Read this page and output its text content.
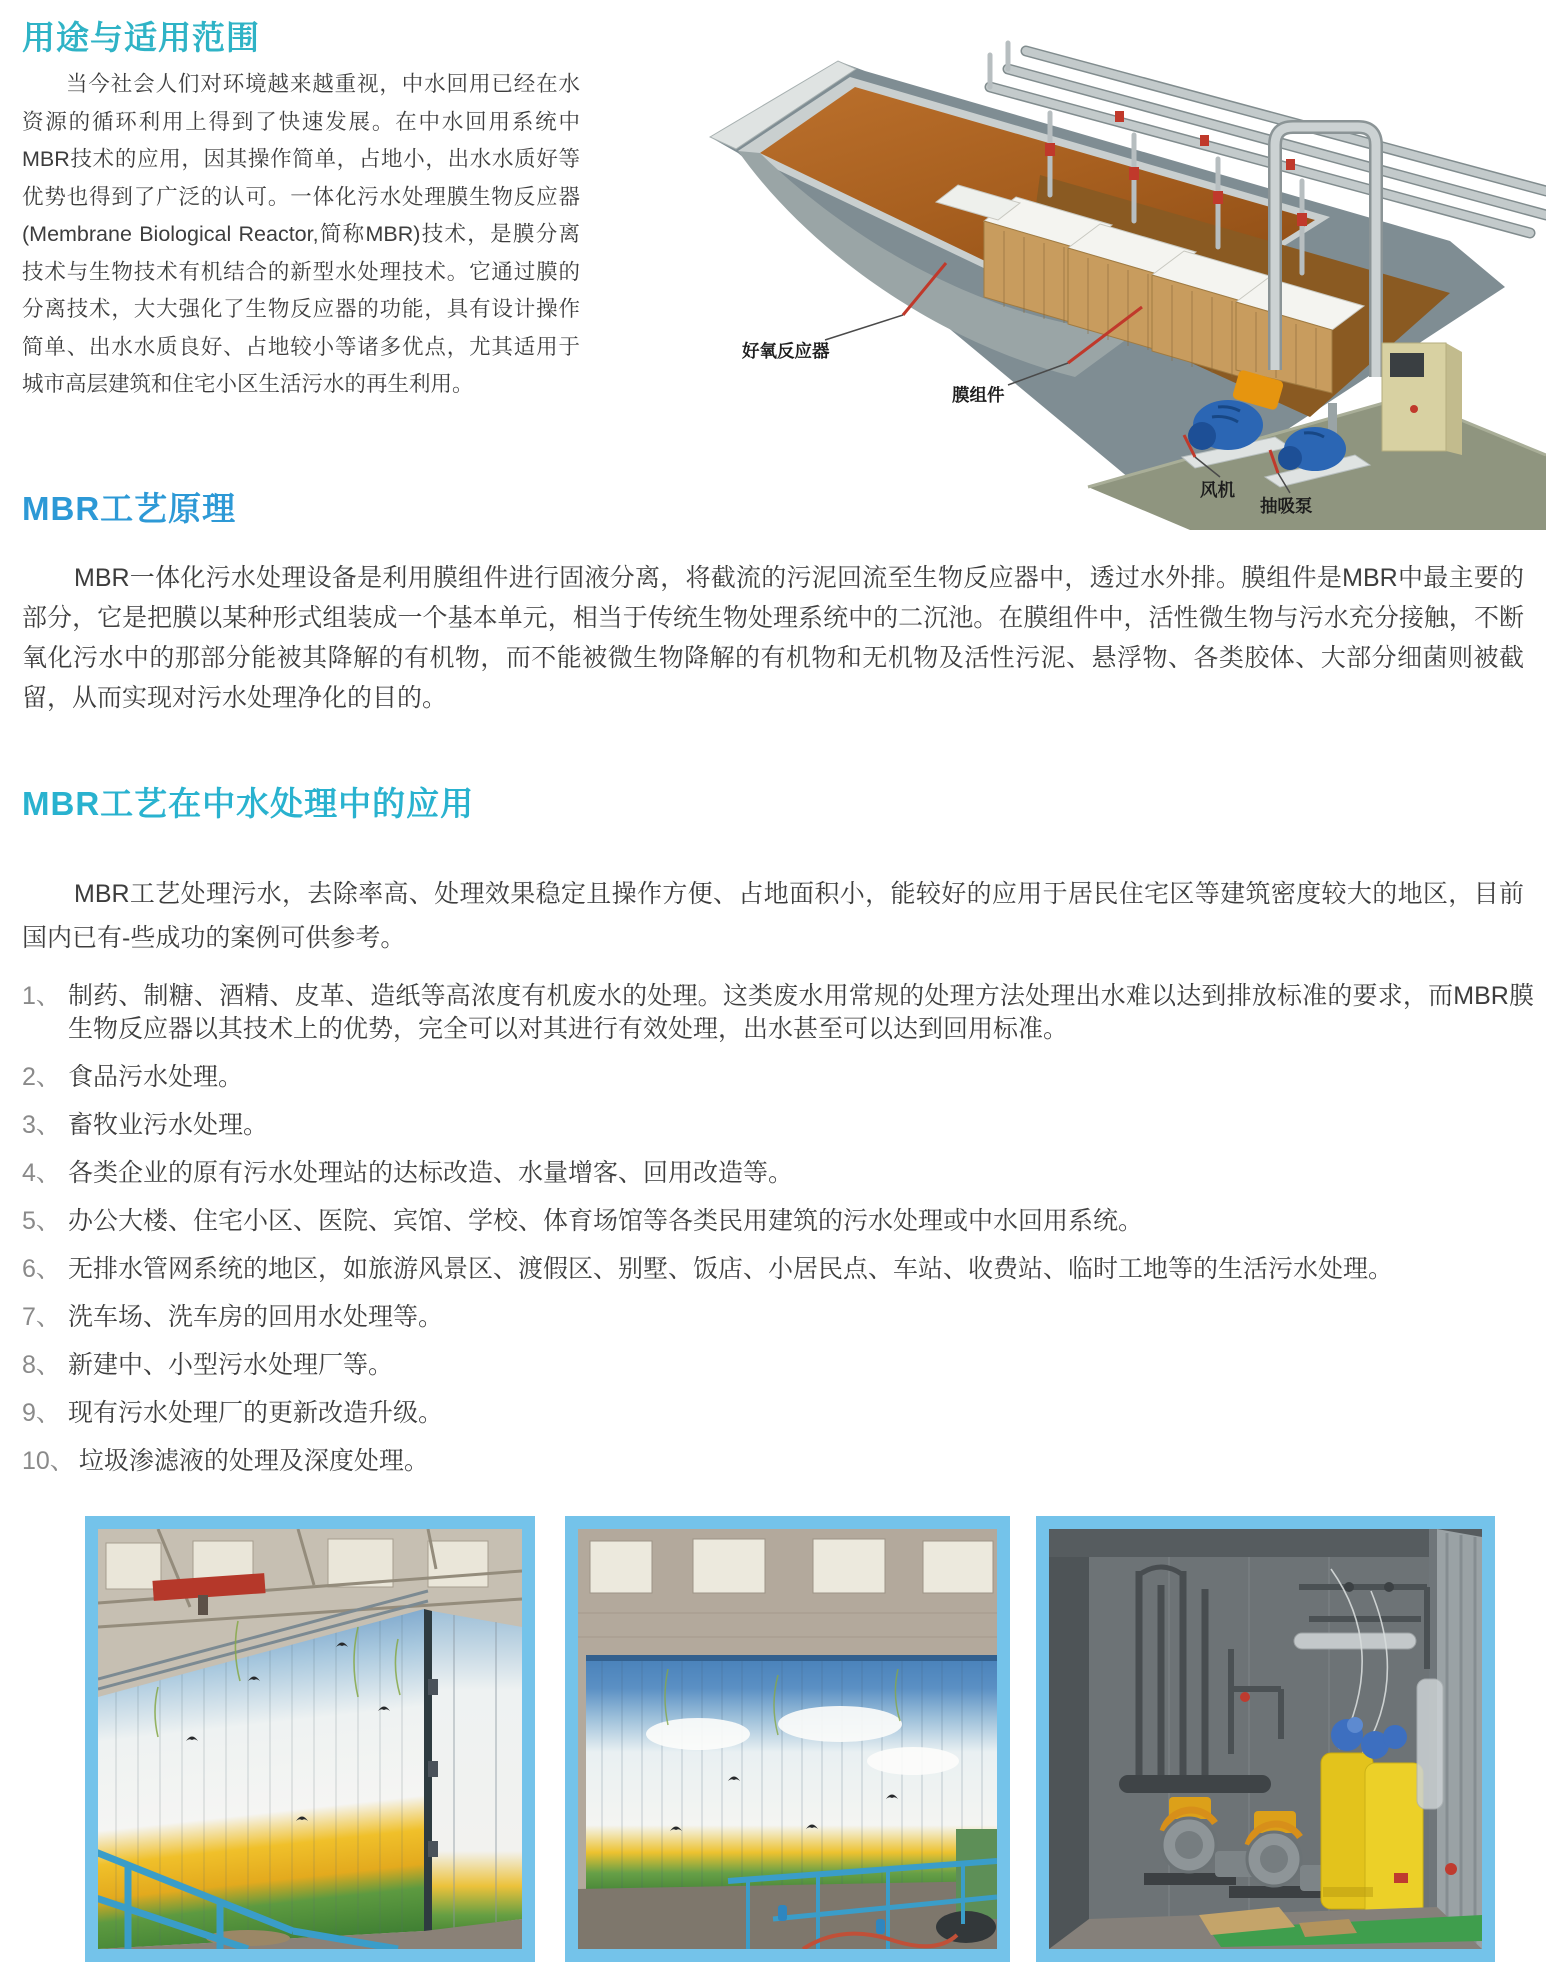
用途与适用范围
当今社会人们对环境越来越重视，中水回用已经在水资源的循环利用上得到了快速发展。在中水回用系统中MBR技术的应用，因其操作简单，占地小，出水水质好等优势也得到了广泛的认可。一体化污水处理膜生物反应器(Membrane Biological Reactor,简称MBR)技术，是膜分离技术与生物技术有机结合的新型水处理技术。它通过膜的分离技术，大大强化了生物反应器的功能，具有设计操作简单、出水水质良好、占地较小等诸多优点，尤其适用于城市高层建筑和住宅小区生活污水的再生利用。
好氧反应器
膜组件
风机
抽吸泵
MBR工艺原理
MBR一体化污水处理设备是利用膜组件进行固液分离，将截流的污泥回流至生物反应器中，透过水外排。膜组件是MBR中最主要的部分，它是把膜以某种形式组装成一个基本单元，相当于传统生物处理系统中的二沉池。在膜组件中，活性微生物与污水充分接触，不断氧化污水中的那部分能被其降解的有机物，而不能被微生物降解的有机物和无机物及活性污泥、悬浮物、各类胶体、大部分细菌则被截留，从而实现对污水处理净化的目的。
MBR工艺在中水处理中的应用
MBR工艺处理污水，去除率高、处理效果稳定且操作方便、占地面积小，能较好的应用于居民住宅区等建筑密度较大的地区，目前国内已有-些成功的案例可供参考。
1、 制药、制糖、酒精、皮革、造纸等高浓度有机废水的处理。这类废水用常规的处理方法处理出水难以达到排放标准的要求，而MBR膜生物反应器以其技术上的优势，完全可以对其进行有效处理，出水甚至可以达到回用标准。
2、 食品污水处理。
3、 畜牧业污水处理。
4、 各类企业的原有污水处理站的达标改造、水量增客、回用改造等。
5、 办公大楼、住宅小区、医院、宾馆、学校、体育场馆等各类民用建筑的污水处理或中水回用系统。
6、 无排水管网系统的地区，如旅游风景区、渡假区、别墅、饭店、小居民点、车站、收费站、临时工地等的生活污水处理。
7、 洗车场、洗车房的回用水处理等。
8、 新建中、小型污水处理厂等。
9、 现有污水处理厂的更新改造升级。
10、 垃圾渗滤液的处理及深度处理。
